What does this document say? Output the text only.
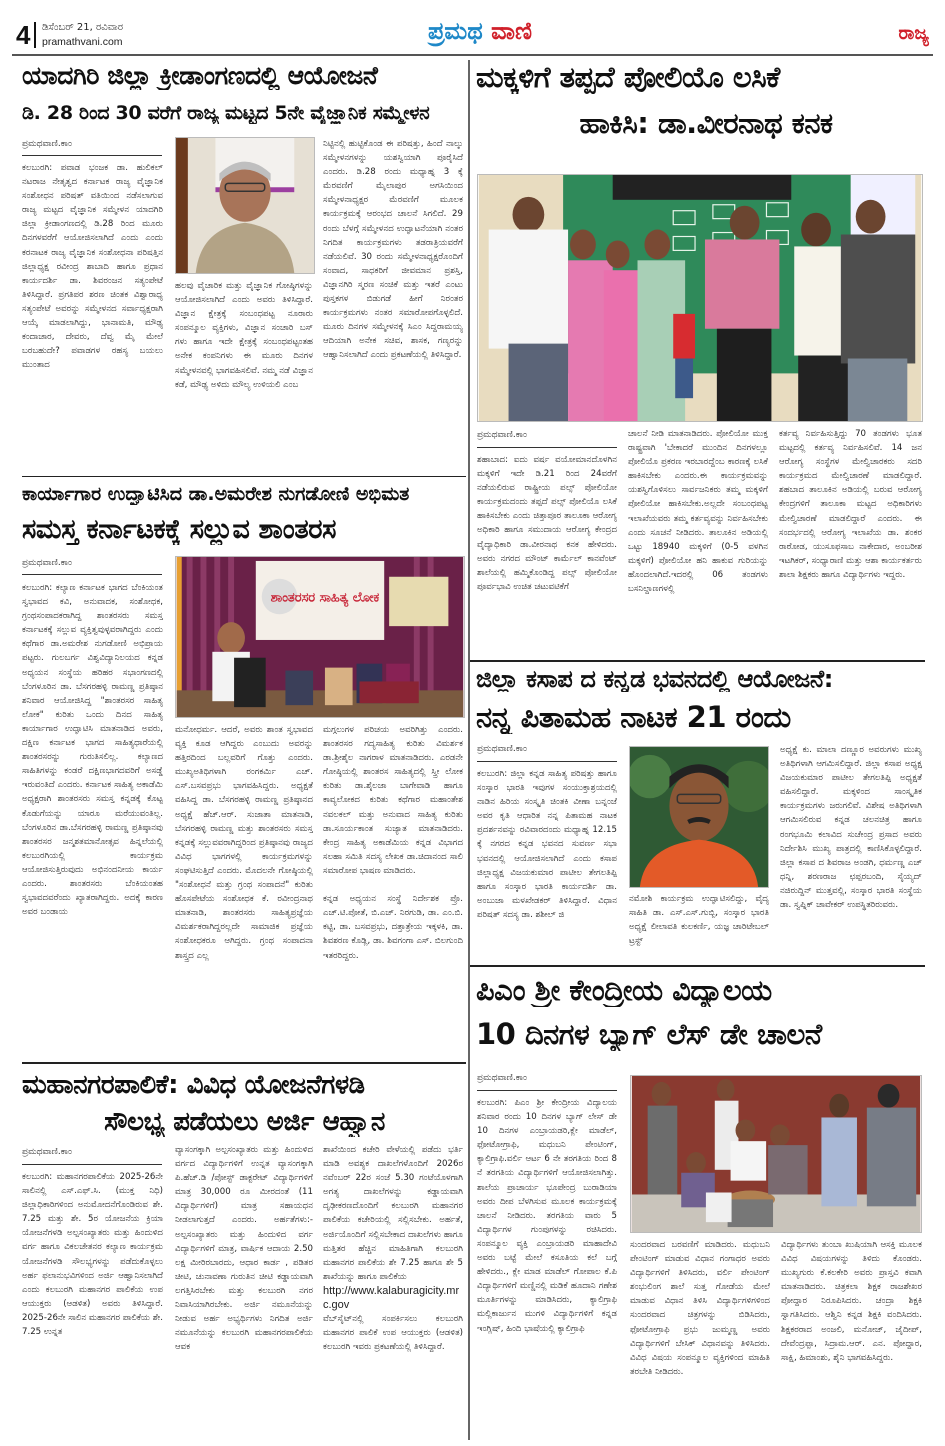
4 ಡಿಸೆಂಬರ್ 21, ರವಿವಾರ
pramathvani.com	ಪ್ರಮಥ ವಾಣಿ	ರಾಜ್ಯ
ಯಾದಗಿರಿ ಜಿಲ್ಲಾ ಕ್ರೀಡಾಂಗಣದಲ್ಲಿ ಆಯೋಜನೆ
ಡಿ. 28 ರಿಂದ 30 ವರೆಗೆ ರಾಜ್ಯ ಮಟ್ಟದ 5ನೇ ವೈಜ್ಞಾನಿಕ ಸಮ್ಮೇಳನ
ಪ್ರಮಥವಾಣಿ.ಕಾಂ

ಕಲಬುರಗಿ: ಪವಾಡ ಭಂಜಕ ಡಾ. ಹುಲಿಕಲ್ ನಟರಾಜ ನೇತೃತ್ವದ ಕರ್ನಾಟಕ ರಾಜ್ಯ ವೈಜ್ಞಾನಿಕ ಸಂಶೋಧನ ಪರಿಷತ್ ವತಿಯಿಂದ ನಡೆಸಲಾಗುವ ರಾಜ್ಯ ಮಟ್ಟದ ವೈಜ್ಞಾನಿಕ ಸಮ್ಮೇಳನ ಯಾದಗಿರಿ ಜಿಲ್ಲಾ ಕ್ರೀಡಾಂಗಣದಲ್ಲಿ ಡಿ.28 ರಿಂದ ಮೂರು ದಿನಗಳವರೆಗೆ ಆಯೋಜಿಸಲಾಗಿದೆ ಎಂದು ಎಂದು ಕರನಾಟಕ ರಾಜ್ಯ ವೈಜ್ಞಾನಿಕ ಸಂಶೋಧನಾ ಪರಿಷತ್ತಿನ ಜಿಲ್ಲಾಧ್ಯಕ್ಷ ರವೀಂದ್ರ ಶಾಬಾದಿ ಹಾಗೂ ಪ್ರಧಾನ ಕಾರ್ಯದರ್ಶಿ ಡಾ. ಶಿವರಂಜನ ಸತ್ಯಂಪೇಟೆ ತಿಳಿಸಿದ್ದಾರೆ. ಪ್ರಗತಿಪರ ಶರಣ ಚಿಂತಕ ವಿಶ್ವಾರಾಧ್ಯ ಸತ್ಯಂಪೇಟೆ ಅವರನ್ನು ಸಮ್ಮೇಳನದ ಸರ್ವಾಧ್ಯಕ್ಷರಾಗಿ ಆಯ್ಕೆ ಮಾಡಲಾಗಿದ್ದು, ಭಾನಾಮತಿ, ಮೌಢ್ಯ ಕಂದಾಚಾರ, ದೇವರು, ದೆವ್ವ ಮೈ ಮೇಲೆ ಬರಬಹುದೇ? ಪವಾಡಗಳ ರಹಸ್ಯ ಬಯಲು ಮುಂತಾದ

ಹಲವು ವೈಚಾರಿಕ ಮತ್ತು ವೈಜ್ಞಾನಿಕ ಗೋಷ್ಠಿಗಳನ್ನು ಆಯೋಜಿಸಲಾಗಿದೆ ಎಂದು ಅವರು ತಿಳಿಸಿದ್ದಾರೆ. ವಿಜ್ಞಾನ ಕ್ಷೇತ್ರಕ್ಕೆ ಸಂಬಂಧಪಟ್ಟ ನೂರಾರು ಸಂಪನ್ಮೂಲ ವ್ಯಕ್ತಿಗಳು, ವಿಜ್ಞಾನ ಸಂಚಾರಿ ಬಸ್ ಗಳು ಹಾಗೂ ಇದೇ ಕ್ಷೇತ್ರಕ್ಕೆ ಸಂಬಂಧಪಟ್ಟಂತಹ ಅನೇಕ ಕಂಪನಿಗಳು ಈ ಮೂರು ದಿನಗಳ ಸಮ್ಮೇಳನವಲ್ಲಿ ಭಾಗವಹಿಸಲಿವೆ. ನಮ್ಮ ನಡೆ ವಿಜ್ಞಾನ ಕಡೆ, ಮೌಢ್ಯ ಅಳಿದು ಮೌಲ್ಯ ಉಳಿಯಲಿ ಎಂಬ

ನಿಟ್ಟಿನಲ್ಲಿ ಹುಟ್ಟಿಕೊಂಡ ಈ ಪರಿಷತ್ತು, ಹಿಂದೆ ನಾಲ್ಕು ಸಮ್ಮೇಳನಗಳನ್ನು ಯಶಸ್ವಿಯಾಗಿ ಪೂರೈಸಿದೆ ಎಂದರು. ಡಿ.28 ರಂದು ಮಧ್ಯಾಹ್ನ 3 ಕ್ಕೆ ಮೆರವಣಿಗೆ ಮೈಲಾಪುರ ಅಗಸಿಯಿಂದ ಸಮ್ಮೇಳನಾಧ್ಯಕ್ಷರ ಮೆರವಣಿಗೆ ಮೂಲಕ ಕಾರ್ಯಕ್ರಮಕ್ಕೆ ಆರಂಭದ ಚಾಲನೆ ಸಿಗಲಿದೆ. 29 ರಂದು ಬೆಳಗ್ಗೆ ಸಮ್ಮೇಳನದ ಉದ್ಘಾಟನೆಯಾಗಿ ನಂತರ ನಿಗದಿತ ಕಾರ್ಯಕ್ರಮಗಳು ತಡರಾತ್ರಿಯವರೆಗೆ ನಡೆಯಲಿವೆ. 30 ರಂದು ಸಮ್ಮೇಳನಾಧ್ಯಕ್ಷರೊಂದಿಗೆ ಸಂವಾದ, ಸಾಧಕರಿಗೆ ಜೀವಮಾನ ಪ್ರಶಸ್ತಿ, ವಿಜ್ಞಾನಗಿರಿ ಸ್ಮರಣ ಸಂಚಿಕೆ ಮತ್ತು ಇತರೆ ಎಂಟು ಪುಸ್ತಕಗಳ ಬಿಡುಗಡೆ ಹೀಗೆ ನಿರಂತರ ಕಾರ್ಯಕ್ರಮಗಳು ನಂತರ ಸಮಾರೋಪಗೊಳ್ಳಲಿದೆ. ಮೂರು ದಿನಗಳ ಸಮ್ಮೇಳನಕ್ಕೆ ಸಿಎಂ ಸಿದ್ದರಾಮಯ್ಯ ಆದಿಯಾಗಿ ಅನೇಕ ಸಚಿವ, ಶಾಸಕ, ಗಣ್ಯರನ್ನು ಆಹ್ವಾನಿಸಲಾಗಿದೆ ಎಂದು ಪ್ರಕಟಣೆಯಲ್ಲಿ ತಿಳಿಸಿದ್ದಾರೆ.

ಕಾರ್ಯಾಗಾರ ಉದ್ಘಾಟಿಸಿದ ಡಾ.ಅಮರೇಶ ನುಗಡೋಣಿ ಅಭಿಮತ
ಸಮಸ್ತ ಕರ್ನಾಟಕಕ್ಕೆ ಸಲ್ಲುವ ಶಾಂತರಸ
ಪ್ರಮಥವಾಣಿ.ಕಾಂ

ಕಲಬುರಗಿ: ಕಲ್ಯಾಣ ಕರ್ನಾಟಕ ಭಾಗದ ಬೆಂಕಿಯಂತ ಸ್ವಭಾವದ ಕವಿ, ಅನುವಾದಕ, ಸಂಶೋಧಕ, ಗ್ರಂಥಸಂಪಾದಕರಾಗಿದ್ದ ಶಾಂತರಸರು ಸಮಸ್ತ ಕರ್ನಾಟಕಕ್ಕೆ ಸಲ್ಲುವ ವ್ಯಕ್ತಿತ್ವವುಳ್ಳವರಾಗಿದ್ದರು ಎಂದು ಕಥೆಗಾರ ಡಾ.ಅಮರೇಶ ನುಗಡೋಣಿ ಅಭಿಪ್ರಾಯ ಪಟ್ಟರು. ಗುಲಬರ್ಗ ವಿಶ್ವವಿದ್ಯಾನಿಲಯದ ಕನ್ನಡ ಅಧ್ಯಯನ ಸಂಸ್ಥೆಯ ಹರಿಹರ ಸಭಾಂಗಣದಲ್ಲಿ ಬೆಂಗಳೂರಿನ ಡಾ. ಬೆಸಗರಹಳ್ಳಿ ರಾಮಣ್ಣ ಪ್ರತಿಷ್ಠಾನ ಶನಿವಾರ ಆಯೋಜಿಸಿದ್ದ "ಶಾಂತರಸರ ಸಾಹಿತ್ಯ ಲೋಕ" ಕುರಿತು ಒಂದು ದಿನದ ಸಾಹಿತ್ಯ ಕಾರ್ಯಾಗಾರ ಉದ್ಘಾಟಿಸಿ ಮಾತನಾಡಿದ ಅವರು, ದಕ್ಷಿಣ ಕರ್ನಾಟಕ ಭಾಗದ ಸಾಹಿತ್ಯಧಾರೆಯಲ್ಲಿ ಶಾಂತರಸರನ್ನು ಗುರುತಿಸಲಿಲ್ಲ. ಕಲ್ಯಾಣದ ಸಾಹಿತಿಗಳನ್ನು ಕಂಡರೆ ದಕ್ಷಿಣಭಾಗದವರಿಗೆ ಅಸಡ್ಡೆ ಇರುವಂತಿದೆ ಎಂದರು. ಕರ್ನಾಟಕ ಸಾಹಿತ್ಯ ಅಕಾಡೆಮಿ ಅಧ್ಯಕ್ಷರಾಗಿ ಶಾಂತರಸರು ಸಮಸ್ತ ಕನ್ನಡಕ್ಕೆ ಕೊಟ್ಟ ಕೊಡುಗೆಯನ್ನು ಯಾರೂ ಮರೆಯುವಂತಿಲ್ಲ. ಬೆಂಗಳೂರಿನ ಡಾ.ಬೆಸಗರಹಳ್ಳಿ ರಾಮಣ್ಣ ಪ್ರತಿಷ್ಠಾನವು ಶಾಂತರಸರ ಜನ್ಮಶತಮಾನೋತ್ಸವ ಹಿನ್ನಲೆಯಲ್ಲಿ ಕಲಬುರಗಿಯಲ್ಲಿ ಕಾರ್ಯಕ್ರಮ ಆಯೋಜಿಸುತ್ತಿರುವುದು ಅಭಿನಂದನೀಯ ಕಾರ್ಯ ಎಂದರು. ಶಾಂತರಸರು ಬೆಂಕಿಯಂತಹ ಸ್ವಭಾವದವರೆಂದು ಖ್ಯಾತರಾಗಿದ್ದರು. ಅದಕ್ಕೆ ಕಾರಣ ಅವರ ಬಂಡಾಯ

ಶಾಂತರಸರ ಸಾಹಿತ್ಯ ಲೋಕ

ಮನೋಧರ್ಮ. ಆದರೆ, ಅವರು ಶಾಂತ ಸ್ವಭಾವದ ವ್ಯಕ್ತಿ ಕೂಡ ಆಗಿದ್ದರು ಎಂಬುದು ಅವರನ್ನು ಹತ್ತಿರದಿಂದ ಬಲ್ಲವರಿಗೆ ಗೊತ್ತು ಎಂದರು. ಮುಖ್ಯಅತಿಥಿಗಳಾಗಿ ರಂಗಕರ್ಮಿ ಎಚ್. ಎಸ್.ಬಸವಪ್ರಭು ಭಾಗವಹಿಸಿದ್ದರು. ಅಧ್ಯಕ್ಷತೆ ವಹಿಸಿದ್ದ ಡಾ. ಬೆಸಗರಹಳ್ಳಿ ರಾಮಣ್ಣ ಪ್ರತಿಷ್ಠಾನದ ಅಧ್ಯಕ್ಷೆ ಹೆಚ್.ಆರ್. ಸುಜಾತಾ ಮಾತನಾಡಿ, ಬೆಸಗರಹಳ್ಳಿ ರಾಮಣ್ಣ ಮತ್ತು ಶಾಂತರಸರು ಸಮಸ್ತ ಕನ್ನಡಕ್ಕೆ ಸಲ್ಲುವವರಾಗಿದ್ದರಿಂದ ಪ್ರತಿಷ್ಠಾನವು ರಾಜ್ಯದ ವಿವಿಧ ಭಾಗಗಳಲ್ಲಿ ಕಾರ್ಯಕ್ರಮಗಳನ್ನು ಸಂಘಟಿಸುತ್ತಿದೆ ಎಂದರು. ಮೊದಲನೇ ಗೋಷ್ಠಿಯಲ್ಲಿ "ಸಂಶೋಧನೆ ಮತ್ತು ಗ್ರಂಥ ಸಂಪಾದನೆ" ಕುರಿತು ಹೊಸಪೇಟೆಯ ಸಂಶೋಧಕ ಕೆ. ರವೀಂದ್ರನಾಥ ಮಾತನಾಡಿ, ಶಾಂತರಸರು ಸಾಹಿತ್ಯಪ್ರಜ್ಞೆಯ ವಿಮರ್ಶಕರಾಗಿದ್ದರಲ್ಲದೇ ಸಾಮಾಜಿಕ ಪ್ರಜ್ಞೆಯ ಸಂಶೋಧಕರೂ ಆಗಿದ್ದರು. ಗ್ರಂಥ ಸಂಪಾದನಾ ಶಾಸ್ತ್ರದ ಎಲ್ಲ

ಮಗ್ಗಲುಗಳ ಪರಿಚಯ ಅವರಿಗಿತ್ತು ಎಂದರು. ಶಾಂತರಸರ ಗದ್ಯಸಾಹಿತ್ಯ ಕುರಿತು ವಿಮರ್ಶಕ ಡಾ.ಶ್ರೀಶೈಲ ನಾಗರಾಳ ಮಾತನಾಡಿದರು. ಎರಡನೇ ಗೋಷ್ಠಿಯಲ್ಲಿ ಶಾಂತರಸ ಸಾಹಿತ್ಯದಲ್ಲಿ ಸ್ತ್ರೀ ಲೋಕ ಕುರಿತು ಡಾ.ಶೈಲಜಾ ಬಾಗೇವಾಡಿ ಹಾಗೂ ಕಾವ್ಯಲೋಕದ ಕುರಿತು ಕಥೆಗಾರ ಮಹಾಂತೇಶ ನವಲಕಲ್ ಮತ್ತು ಅನುವಾದ ಸಾಹಿತ್ಯ ಕುರಿತು ಡಾ.ಸೂರ್ಯಕಾಂತ ಸುಜ್ಯಾತ ಮಾತನಾಡಿದರು. ಕೇಂದ್ರ ಸಾಹಿತ್ಯ ಅಕಾಡೆಮಿಯ ಕನ್ನಡ ವಿಭಾಗದ ಸಲಹಾ ಸಮಿತಿ ಸದಸ್ಯ ಲೇಖಕ ಡಾ.ಚಿದಾನಂದ ಸಾಲಿ ಸಮಾರೋಪ ಭಾಷಣ ಮಾಡಿದರು.

ಕನ್ನಡ ಅಧ್ಯಯನ ಸಂಸ್ಥೆ ನಿರ್ದೇಶಕ ಪ್ರೊ. ಎಚ್.ಟಿ.ಪೋತೆ, ಬಿ.ಎಚ್. ನಿರಗುಡಿ, ಡಾ. ಎಂ.ಬಿ. ಕಟ್ಟಿ, ಡಾ. ಬಸವಪ್ರಭು, ದತ್ತಾತ್ರೇಯ ಇಕ್ಕಳಕಿ, ಡಾ. ಶಿವಶರಣ ಕೊಡ್ಲಿ, ಡಾ. ಶಿವಗಂಗಾ ಎಸ್. ಬಿಲಗುಂದಿ ಇತರರಿದ್ದರು.

ಮಹಾನಗರಪಾಲಿಕೆ: ವಿವಿಧ ಯೋಜನೆಗಳಡಿ
ಸೌಲಭ್ಯ ಪಡೆಯಲು ಅರ್ಜಿ ಆಹ್ವಾನ
ಪ್ರಮಥವಾಣಿ.ಕಾಂ

ಕಲಬುರಗಿ: ಮಹಾನಗರಪಾಲಿಕೆಯ 2025-26ನೇ ಸಾಲಿನಲ್ಲಿ ಎಸ್.ಎಫ್.ಸಿ. (ಮುಕ್ತ ನಿಧಿ) ಜಿಲ್ಲಾಧಿಕಾರಿಗಳಿಂದ ಅನುಮೋದನೆಗೊಂಡಿರುವ ಶೇ. 7.25 ಮತ್ತು ಶೇ. 5ರ ಯೋಜನೆಯ ಕ್ರಿಯಾ ಯೋಜನೆಗಳಡಿ ಅಲ್ಪಸಂಖ್ಯಾತರು ಮತ್ತು ಹಿಂದುಳಿದ ವರ್ಗ ಹಾಗೂ ವಿಕಲಚೇತನರ ಕಲ್ಯಾಣ ಕಾರ್ಯಕ್ರಮ ಯೋಜನೆಗಳಡಿ ಸೌಲಭ್ಯಗಳನ್ನು ಪಡೆದುಕೊಳ್ಳಲು ಅರ್ಹ ಫಲಾನುಭವಿಗಳಿಂದ ಅರ್ಜಿ ಆಹ್ವಾನಿಸಲಾಗಿದೆ ಎಂದು ಕಲಬುರಗಿ ಮಹಾನಗರ ಪಾಲಿಕೆಯ ಉಪ ಆಯುಕ್ತರು (ಆಡಳಿತ) ಅವರು ತಿಳಿಸಿದ್ದಾರೆ. 2025-26ನೇ ಸಾಲಿನ ಮಹಾನಗರ ಪಾಲಿಕೆಯ ಶೇ. 7.25 ಉನ್ನತ

ವ್ಯಾಸಂಗಕ್ಕಾಗಿ ಅಲ್ಪಸಂಖ್ಯಾತರು ಮತ್ತು ಹಿಂದುಳಿದ ವರ್ಗದ ವಿದ್ಯಾರ್ಥಿಗಳಿಗೆ ಉನ್ನತ ವ್ಯಾಸಂಗಕ್ಕಾಗಿ ಪಿ.ಹೆಚ್.ಡಿ /ಪೋಸ್ಟ್ ಡಾಕ್ಟರೇಟ್ ವಿದ್ಯಾರ್ಥಿಗಳಿಗೆ ಮಾತ್ರ 30,000 ರೂ ಮೀರದಂತೆ (11 ವಿದ್ಯಾರ್ಥಿಗಳಿಗೆ) ಮಾತ್ರ ಸಹಾಯಧನ ನೀಡಲಾಗುತ್ತದೆ ಎಂದರು. ಅರ್ಹತೆಗಳು:-ಅಲ್ಪಸಂಖ್ಯಾತರು ಮತ್ತು ಹಿಂದುಳಿದ ವರ್ಗ ವಿದ್ಯಾರ್ಥಿಗಳಿಗೆ ಮಾತ್ರ, ವಾರ್ಷಿಕ ಆದಾಯ 2.50 ಲಕ್ಷ ಮೀರಿರಬಾರದು, ಆಧಾರ ಕಾರ್ಡ , ಪಡಿತರ ಚೀಟಿ, ಚುನಾವಣಾ ಗುರುತಿನ ಚೀಟಿ ಕಡ್ಡಾಯವಾಗಿ ಲಗತ್ತಿಸಿರಬೇಕು ಮತ್ತು ಕಲಬುರಗಿ ನಗರ ನಿವಾಸಿಯಾಗಿರಬೇಕು. ಅರ್ಜಿ ನಮೂನೆಯನ್ನು ನೀಡುವ ಅರ್ಹ ಅಭ್ಯರ್ಥಿಗಳು ನಿಗದಿತ ಅರ್ಜಿ ನಮೂನೆಯನ್ನು ಕಲಬುರಗಿ ಮಹಾನಗರಪಾಲಿಕೆಯ ಆವಕ

ಶಾಖೆಯಿಂದ ಕಚೇರಿ ವೇಳೆಯಲ್ಲಿ ಪಡೆದು ಭರ್ತಿ ಮಾಡಿ ಅವಶ್ಯಕ ದಾಖಲೆಗಳೊಂದಿಗೆ 2026ರ ನವೆಂಬರ್ 22ರ ಸಂಜೆ 5.30 ಗಂಟೆಯೊಳಗಾಗಿ ಅಗತ್ಯ ದಾಖಲೆಗಳನ್ನು ಕಡ್ಡಾಯವಾಗಿ ದೃಢೀಕರಣದೊಂದಿಗೆ ಕಲಬುರಗಿ ಮಹಾನಗರ ಪಾಲಿಕೆಯ ಕಚೇರಿಯಲ್ಲಿ ಸಲ್ಲಿಸಬೇಕು. ಅರ್ಹತೆ, ಅರ್ಜಿಯೊಂದಿಗೆ ಸಲ್ಲಿಸಬೇಕಾದ ದಾಖಲೆಗಳು ಹಾಗೂ ಮತ್ತಿತರ ಹೆಚ್ಚಿನ ಮಾಹಿತಿಗಾಗಿ ಕಲಬುರಗಿ ಮಹಾನಗರ ಪಾಲಿಕೆಯ ಶೇ 7.25 ಹಾಗೂ ಶೇ 5 ಶಾಖೆಯನ್ನು ಹಾಗೂ ಪಾಲಿಕೆಯ

http://www.kalaburagicity.mrc.gov

ವೆಬ್‌ಸೈಟ್‌ನಲ್ಲಿ ಸಂಪರ್ಕಿಸಲು ಕಲಬುರಗಿ ಮಹಾನಗರ ಪಾಲಿಕೆ ಉಪ ಆಯುಕ್ತರು (ಆಡಳಿತ) ಕಲಬುರಗಿ ಇವರು ಪ್ರಕಟಣೆಯಲ್ಲಿ ತಿಳಿಸಿದ್ದಾರೆ.

ಮಕ್ಕಳಿಗೆ ತಪ್ಪದೆ ಪೋಲಿಯೊ ಲಸಿಕೆ
ಹಾಕಿಸಿ: ಡಾ.ವೀರನಾಥ ಕನಕ
ಪ್ರಮಥವಾಣಿ.ಕಾಂ

ಶಹಾಬಾದ: ಐದು ವರ್ಷ ವಯೋಮಾನದೊಳಗಿನ ಮಕ್ಕಳಿಗೆ ಇದೇ ಡಿ.21 ರಿಂದ 24ವರೆಗೆ ನಡೆಯಲಿರುವ ರಾಷ್ಟ್ರೀಯ ಪಲ್ಸ್ ಪೋಲಿಯೋ ಕಾರ್ಯಕ್ರಮದಂದು ತಪ್ಪದೆ ಪಲ್ಸ್ ಪೋಲಿಯೊ ಲಸಿಕೆ ಹಾಕಿಸಬೇಕು ಎಂದು ಚಿತ್ತಾಪೂರ ತಾಲೂಕಾ ಆರೋಗ್ಯ ಅಧಿಕಾರಿ ಹಾಗೂ ಸಮುದಾಯ ಆರೋಗ್ಯ ಕೇಂದ್ರದ ವೈದ್ಯಾಧಿಕಾರಿ ಡಾ.ವೀರನಾಥ ಕನಕ ಹೇಳಿದರು. ಅವರು ನಗರದ ಮೌಂಟ್ ಕಾರ್ಮೆಲ್ ಕಾನವೆಂಟ್ ಶಾಲೆಯಲ್ಲಿ ಹಮ್ಮಿಕೊಂಡಿದ್ದ ಪಲ್ಸ್ ಪೋಲಿಯೋ ಪೂರ್ವಭಾವಿ ಉಚಿತ ಚಟುವಟಿಕೆಗೆ

ಚಾಲನೆ ನೀಡಿ ಮಾತನಾಡಿದರು. ಪೋಲಿಯೋ ಮುಕ್ತ ರಾಷ್ಟ್ರವಾಗಿ 'ಬೇಕಾದರೆ ಮುಂದಿನ ದಿನಗಳಲ್ಲೂ ಪೋಲಿಯೊ ಪ್ರಕರಣ ಇರಬಾರದ್ದೆಂಬ ಕಾರಣಕ್ಕೆ ಲಸಿಕೆ ಹಾಕಿಸಬೇಕು ಎಂದರು.ಈ ಕಾರ್ಯಕ್ರಮವನ್ನು ಯಶಸ್ವಿಗೊಳಿಸಲು ಸಾರ್ವಜನಿಕರು ತಮ್ಮ ಮಕ್ಕಳಿಗೆ ಪೋಲಿಯೋ ಹಾಕಿಸಬೇಕು.ಅಲ್ಲದೇ ಸಂಬಂಧಪಟ್ಟ ಇಲಾಖೆಯವರು ತಮ್ಮ ಕರ್ತವ್ಯವನ್ನು ನಿರ್ವಹಿಸಬೇಕು ಎಂದು ಸೂಚನೆ ನೀಡಿದರು. ತಾಲೂಕಿನ ಅಡಿಯಲ್ಲಿ ಒಟ್ಟು 18940 ಮಕ್ಕಳಿಗೆ (0-5 ವಳಗಿನ ಮಕ್ಕಳಿಗೆ) ಪೋಲಿಯೋ ಹನಿ ಹಾಕುವ ಗುರಿಯನ್ನು ಹೊಂದಲಾಗಿದೆ.ಇದರಲ್ಲಿ 06 ತಂಡಗಳು ಬಸನಿಲ್ದಾಣಗಳಲ್ಲಿ

ಕರ್ತವ್ಯ ನಿರ್ವಹಿಸುತ್ತಿದ್ದು 70 ತಂಡಗಳು ಭೂತ ಮಟ್ಟದಲ್ಲಿ ಕರ್ತವ್ಯ ನಿರ್ವಹಿಸಲಿವೆ. 14 ಜನ ಆರೋಗ್ಯ ಸಂಸ್ಥೆಗಳ ಮೇಲ್ವಿಚಾರಕರು ಸದರಿ ಕಾರ್ಯಕ್ರಮದ ಮೇಲ್ವಿಚಾರಣೆ ಮಾಡಲಿದ್ದಾರೆ. ಶಹಬಾದ ತಾಲೂಕಿನ ಅಡಿಯಲ್ಲಿ ಬರುವ ಆರೋಗ್ಯ ಕೇಂದ್ರಗಳಿಗೆ ತಾಲೂಕಾ ಮಟ್ಟದ ಅಧಿಕಾರಿಗಳು ಮೇಲ್ವಿಚಾರಣೆ ಮಾಡಲಿದ್ದಾರೆ ಎಂದರು. ಈ ಸಂದರ್ಭದಲ್ಲಿ ಆರೋಗ್ಯ ಇಲಾಖೆಯ ಡಾ. ಶಂಕರ ರಾಠೋಡ, ಯುಸೂಫಸಾಬ ನಾಕೇದಾರ, ಅಂಬರೀಶ ಇಟಗಿಕರ್, ಸಂಧ್ಯಾರಾಣಿ ಮತ್ತು ಆಶಾ ಕಾರ್ಯಕರ್ತರು ಶಾಲಾ ಶಿಕ್ಷಕರು ಹಾಗೂ ವಿದ್ಯಾರ್ಥಿಗಳು ಇದ್ದರು.

ಜಿಲ್ಲಾ ಕಸಾಪ ದ ಕನ್ನಡ ಭವನದಲ್ಲಿ ಆಯೋಜನೆ:
ನನ್ನ ಪಿತಾಮಹ ನಾಟಕ 21 ರಂದು
ಪ್ರಮಥವಾಣಿ.ಕಾಂ

ಕಲಬುರಗಿ: ಜಿಲ್ಲಾ ಕನ್ನಡ ಸಾಹಿತ್ಯ ಪರಿಷತ್ತು ಹಾಗೂ ಸಂಸ್ಕಾರ ಭಾರತಿ ಇವುಗಳ ಸಂಯುಕ್ತಾಶ್ರಯದಲ್ಲಿ ನಾಡಿನ ಹಿರಿಯ ಸಂಸ್ಕೃತಿ ಚಿಂತಕಿ ವೀಣಾ ಬನ್ನಂಜೆ ಅವರ ಕೃತಿ ಆಧಾರಿತ ನನ್ನ ಪಿತಾಮಹ ನಾಟಕ ಪ್ರದರ್ಶನವನ್ನು ರವಿವಾರದಂದು ಮಧ್ಯಾಹ್ನ 12.15 ಕ್ಕೆ ನಗರದ ಕನ್ನಡ ಭವನದ ಸುವರ್ಣ ಸಭಾ ಭವನದಲ್ಲಿ ಆಯೋಜಿಸಲಾಗಿದೆ ಎಂದು ಕಸಾಪ ಜಿಲ್ಲಾಧ್ಯಕ್ಷ ವಿಜಯಕುಮಾರ ಪಾಟೀಲ ತೇಗಲತಿಪ್ಪಿ ಹಾಗೂ ಸಂಸ್ಕಾರ ಭಾರತಿ ಕಾರ್ಯದರ್ಶಿ ಡಾ. ಅಂಬುಜಾ ಮಳಖೇಡಕರ್ ತಿಳಿಸಿದ್ದಾರೆ. ವಿಧಾನ ಪರಿಷತ್ ಸದಸ್ಯ ಡಾ. ಶಶೀಲ್ ಜಿ

ನಮೋಶಿ ಕಾರ್ಯಕ್ರಮ ಉದ್ಘಾಟಿಸಲಿದ್ದು, ವೈದ್ಯ ಸಾಹಿತಿ ಡಾ. ಎಸ್.ಎಸ್.ಗುಬ್ಬಿ, ಸಂಸ್ಕಾರ ಭಾರತಿ ಅಧ್ಯಕ್ಷೆ ಲೀಲಾವತಿ ಕುಲಕರ್ಣಿ, ಯಜ್ಞ ಚಾರಿಟೇಬಲ್ ಟ್ರಸ್ಟ್

ಅಧ್ಯಕ್ಷೆ ಕು. ಮಾಲಾ ದಣ್ಣೂರ ಅವರುಗಳು ಮುಖ್ಯ ಅತಿಥಿಗಳಾಗಿ ಆಗಮಿಸಲಿದ್ದಾರೆ. ಜಿಲ್ಲಾ ಕಸಾಪ ಅಧ್ಯಕ್ಷ ವಿಜಯಕುಮಾರ ಪಾಟೀಲ ತೇಗಲತಿಪ್ಪಿ ಅಧ್ಯಕ್ಷತೆ ವಹಿಸಲಿದ್ದಾರೆ. ಮಕ್ಕಳಿಂದ ಸಾಂಸ್ಕೃತಿಕ ಕಾರ್ಯಕ್ರಮಗಳು ಜರುಗಲಿವೆ. ವಿಶೇಷ ಅತಿಥಿಗಳಾಗಿ ಆಗಮಿಸಲಿರುವ ಕನ್ನಡ ಚಲನಚಿತ್ರ ಹಾಗೂ ರಂಗಭೂಮಿ ಕಲಾವಿದ ಸುಚೇಂದ್ರ ಪ್ರಸಾದ ಅವರು ನಿರ್ದೇಶಿಸಿ ಮುಖ್ಯ ಪಾತ್ರದಲ್ಲಿ ಕಾಣಿಸಿಕೊಳ್ಳಲಿದ್ದಾರೆ. ಜಿಲ್ಲಾ ಕಸಾಪ ದ ಶಿವರಾಜ ಅಂಡಗಿ, ಧರ್ಮಣ್ಣ ಎಚ್ ಧನ್ನಿ, ಶರಣರಾಜ ಛಪ್ಪರಬಂದಿ, ಸೈಯ್ಯದ್ ನಜಿರುದ್ದಿನ್ ಮುತ್ತವಲ್ಲಿ, ಸಂಸ್ಕಾರ ಭಾರತಿ ಸಂಸ್ಥೆಯ ಡಾ. ಸ್ವಪ್ನಿಕ್ ಚಾವೇಕರ್ ಉಪಸ್ಥಿತರಿರುವರು.

ಪಿಎಂ ಶ್ರೀ ಕೇಂದ್ರೀಯ ವಿದ್ಯಾಲಯ
10 ದಿನಗಳ ಬ್ಯಾಗ್ ಲೆಸ್ ಡೇ ಚಾಲನೆ
ಪ್ರಮಥವಾಣಿ.ಕಾಂ

ಕಲಬುರಗಿ: ಪಿಎಂ ಶ್ರೀ ಕೇಂದ್ರೀಯ ವಿದ್ಯಾಲಯ ಶನಿವಾರ ರಂದು 10 ದಿನಗಳ ಬ್ಯಾಗ್ ಲೇಸ್ ಡೇ 10 ದಿನಗಳ ಎಂಬ್ರಾಯಡರಿ,ಕ್ಲೇ ಮಾಡೆಲ್, ಫೋಟೋಗ್ರಾಫಿ, ಮಧುಬನಿ ಪೇಂಟಿಂಗ್, ಕ್ಯಾಲಿಗ್ರಾಫಿ.ವರ್ಲಿ ಆರ್ಟ 6 ನೇ ತರಗತಿಯ ರಿಂದ 8 ನೆ ತರಗತಿಯ ವಿದ್ಯಾರ್ಥಿಗಳಿಗೆ ಆಯೋಜಿಸಲಾಗಿತ್ತು. ಶಾಲೆಯ ಪ್ರಾಚಾರ್ಯ ಭೂಪೇಂದ್ರ ಬುರಾಡಿಯಾ ಅವರು ದೀಪ ಬೆಳಗಿಸುವ ಮೂಲಕ ಕಾರ್ಯಕ್ರಮಕ್ಕೆ ಚಾಲನೆ ನೀಡಿದರು. ತರಗತಿಯ ವಾರು 5 ವಿದ್ಯಾರ್ಥಿಗಳ ಗುಂಪುಗಳನ್ನು ರಚಿಸಿದರು. ಸಂಪನ್ಮೂಲ ವ್ಯಕ್ತಿ ಎಂಬ್ರಾಯಡರಿ ಮಾಹಾದೇವಿ ಅವರು ಬಟ್ಟೆ ಮೇಲೆ ಕಸೂತಿಯ ಕಲೆ ಬಗ್ಗೆ ಹೇಳಿದರು., ಕ್ಲೇ ಮಾಡ ಮಾಡೆಲ್ ಗೋಪಾಲ ಕೆ.ಪಿ ವಿದ್ಯಾರ್ಥಿಗಳಿಗೆ ಮಣ್ಣಿನಲ್ಲಿ ಮಡಿಕೆ ಹೂದಾನಿ ಗಣೇಶ ಮೂರ್ತಿಗಳನ್ನು ಮಾಡಿಸಿದರು, ಕ್ಯಾಲಿಗ್ರಾಫಿ ಮಲ್ಲಿಕಾರ್ಜುನ ಮುಗಳಿ ವಿದ್ಯಾರ್ಥಿಗಳಿಗೆ ಕನ್ನಡ ಇಂಗ್ಲಿಷ್, ಹಿಂದಿ ಭಾಷೆಯಲ್ಲಿ ಕ್ಯಾಲಿಗ್ರಾಫಿ

ಸುಂದರವಾದ ಬರವಣಿಗೆ ಮಾಡಿದರು. ಮಧುಬನಿ ಪೇಂಟಿಂಗ್ ಮಾಡುವ ವಿಧಾನ ಗಂಗಾಧರ ಅವರು ವಿದ್ಯಾರ್ಥಿಗಳಿಗೆ ತಿಳಿಸಿದರು, ವರ್ಲಿ ಪೇಂಟಿಂಗ್ ಶಂಭುಲಿಂಗ ಶಾಲೆ ಸುತ್ತ ಗೋಡೆಯ ಮೇಲೆ ಮಾಡುವ ವಿಧಾನ ತಿಳಿಸಿ ವಿದ್ಯಾರ್ಥಿಗಳಿಗಳಿಂದ ಸುಂದರವಾದ ಚಿತ್ರಗಳನ್ನು ಬಿಡಿಸಿದರು, ಫೋಟೋಗ್ರಾಫಿ ಪ್ರಭು ಜುಮ್ಮಣ್ಣ ಅವರು ವಿದ್ಯಾರ್ಥಿಗಳಿಗೆ ಬೇಸಿಕ್ ವಿಧಾನವನ್ನು ತಿಳಿಸಿದರು. ವಿವಿಧ ವಿಷಯ ಸಂಪನ್ಮೂಲ ವ್ಯಕ್ತಿಗಳಿಂದ ಮಾಹಿತಿ ತರಬೇತಿ ನೀಡಿದರು.

ವಿದ್ಯಾರ್ಥಿಗಳು ತುಂಬಾ ಖುಷಿಯಾಗಿ ಆಸಕ್ತಿ ಮೂಲಕ ವಿವಿಧ ವಿಷಯಗಳನ್ನು ತಿಳಿದು ಕೊಂಡರು. ಮುಖ್ಯಗುರು ಕೆ.ಕಲಕೇರಿ ಅವರು ಪ್ರಾಸ್ತವಿ ಕವಾಗಿ ಮಾತನಾಡಿದರು. ಚಿತ್ರಕಲಾ ಶಿಕ್ಷಕ ರಾಜಶೇಖರ ಪೋದ್ದಾರ ನಿರೂಪಿಸಿದರು. ಚಂದ್ರಾ ಶಿಕ್ಷಕಿ ಸ್ವಾಗತಿಸಿದರು. ಆಶ್ವಿನಿ ಕನ್ನಡ ಶಿಕ್ಷಕಿ ವಂದಿಸಿದರು. ಶಿಕ್ಷಕರರಾದ ಅಂಜಲಿ, ಮನೋಜ್, ಜೈದೀಪ್, ದೇವೆಂದ್ರಪ್ಪಾ, ಸಿದ್ರಾಮ.ಆರ್. ಎನ. ಪೋದ್ದಾರ, ಸಾಕ್ಷಿ, ಹಿಮಾಂಶು, ಶೈನಿ ಭಾಗವಹಿಸಿದ್ದರು.
